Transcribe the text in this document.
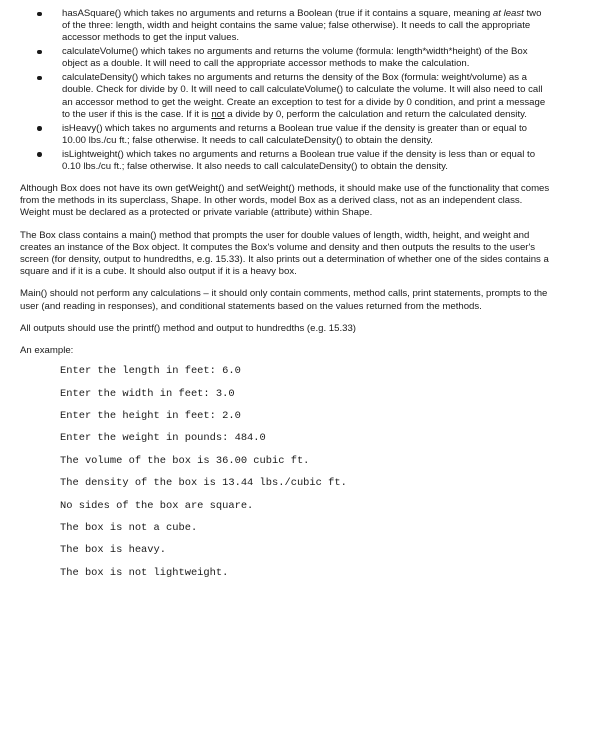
hasASquare() which takes no arguments and returns a Boolean (true if it contains a square, meaning at least two of the three: length, width and height contains the same value; false otherwise). It needs to call the appropriate accessor methods to get the input values.
calculateVolume() which takes no arguments and returns the volume (formula: length*width*height) of the Box object as a double. It will need to call the appropriate accessor methods to make the calculation.
calculateDensity() which takes no arguments and returns the density of the Box (formula: weight/volume) as a double. Check for divide by 0. It will need to call calculateVolume() to calculate the volume. It will also need to call an accessor method to get the weight. Create an exception to test for a divide by 0 condition, and print a message to the user if this is the case. If it is not a divide by 0, perform the calculation and return the calculated density.
isHeavy() which takes no arguments and returns a Boolean true value if the density is greater than or equal to 10.00 lbs./cu ft.; false otherwise. It needs to call calculateDensity() to obtain the density.
isLightweight() which takes no arguments and returns a Boolean true value if the density is less than or equal to 0.10 lbs./cu ft.; false otherwise. It also needs to call calculateDensity() to obtain the density.

Although Box does not have its own getWeight() and setWeight() methods, it should make use of the functionality that comes from the methods in its superclass, Shape. In other words, model Box as a derived class, not as an independent class. Weight must be declared as a protected or private variable (attribute) within Shape.

The Box class contains a main() method that prompts the user for double values of length, width, height, and weight and creates an instance of the Box object. It computes the Box's volume and density and then outputs the results to the user's screen (for density, output to hundredths, e.g. 15.33). It also prints out a determination of whether one of the sides contains a square and if it is a cube. It should also output if it is a heavy box.

Main() should not perform any calculations – it should only contain comments, method calls, print statements, prompts to the user (and reading in responses), and conditional statements based on the values returned from the methods.

All outputs should use the printf() method and output to hundredths (e.g. 15.33)

An example:

Enter the length in feet: 6.0
Enter the width in feet: 3.0
Enter the height in feet: 2.0
Enter the weight in pounds: 484.0
The volume of the box is 36.00 cubic ft.
The density of the box is 13.44 lbs./cubic ft.
No sides of the box are square.
The box is not a cube.
The box is heavy.
The box is not lightweight.
